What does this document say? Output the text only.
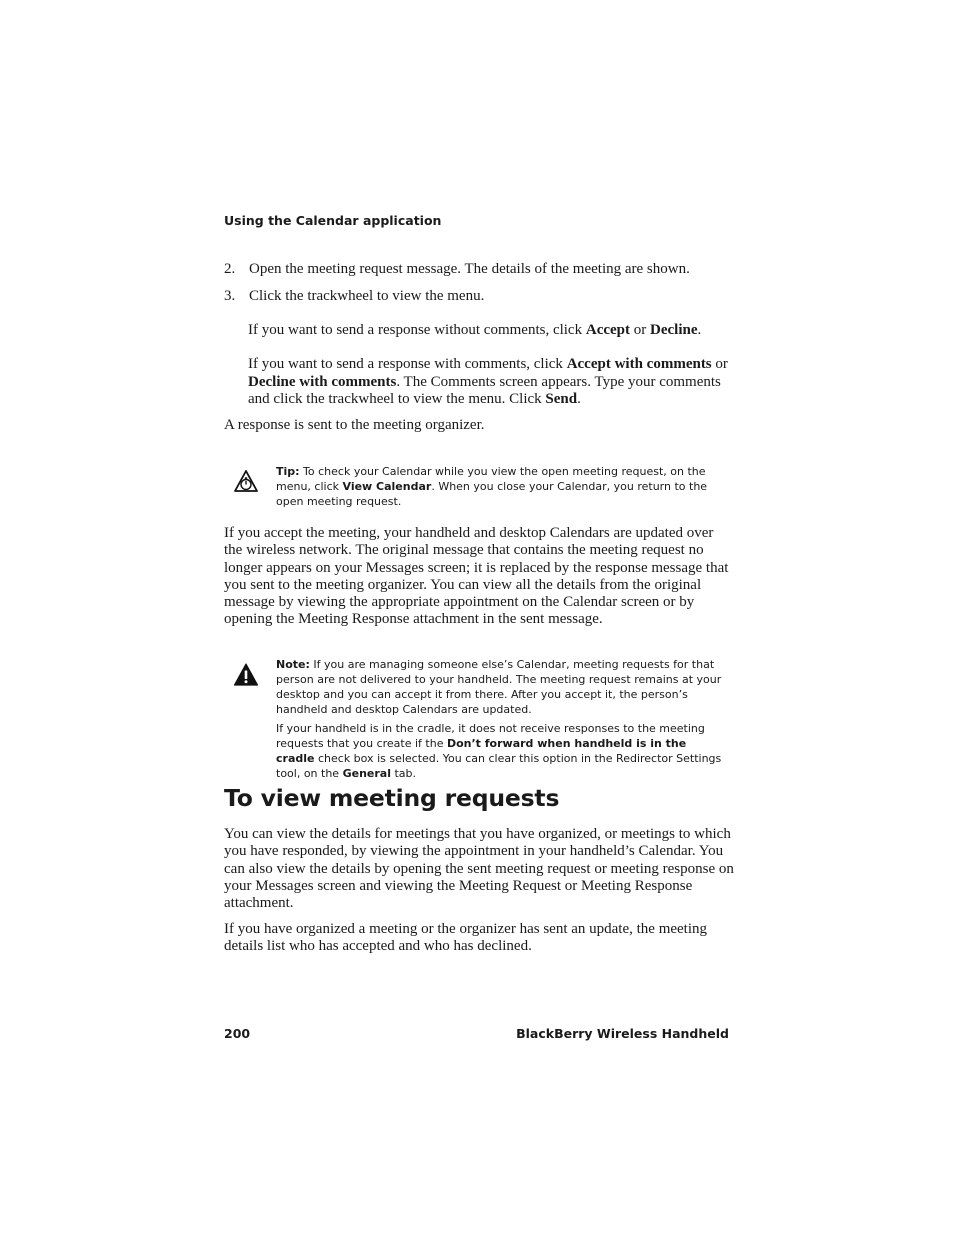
Using the Calendar application
2. Open the meeting request message. The details of the meeting are shown.
3. Click the trackwheel to view the menu.
If you want to send a response without comments, click Accept or Decline.
If you want to send a response with comments, click Accept with comments or Decline with comments. The Comments screen appears. Type your comments and click the trackwheel to view the menu. Click Send.
A response is sent to the meeting organizer.

Tip: To check your Calendar while you view the open meeting request, on the menu, click View Calendar. When you close your Calendar, you return to the open meeting request.

If you accept the meeting, your handheld and desktop Calendars are updated over the wireless network. The original message that contains the meeting request no longer appears on your Messages screen; it is replaced by the response message that you sent to the meeting organizer. You can view all the details from the original message by viewing the appropriate appointment on the Calendar screen or by opening the Meeting Response attachment in the sent message.

Note: If you are managing someone else’s Calendar, meeting requests for that person are not delivered to your handheld. The meeting request remains at your desktop and you can accept it from there. After you accept it, the person’s handheld and desktop Calendars are updated.

If your handheld is in the cradle, it does not receive responses to the meeting requests that you create if the Don’t forward when handheld is in the cradle check box is selected. You can clear this option in the Redirector Settings tool, on the General tab.

To view meeting requests
You can view the details for meetings that you have organized, or meetings to which you have responded, by viewing the appointment in your handheld’s Calendar. You can also view the details by opening the sent meeting request or meeting response on your Messages screen and viewing the Meeting Request or Meeting Response attachment.
If you have organized a meeting or the organizer has sent an update, the meeting details list who has accepted and who has declined.
200	BlackBerry Wireless Handheld
